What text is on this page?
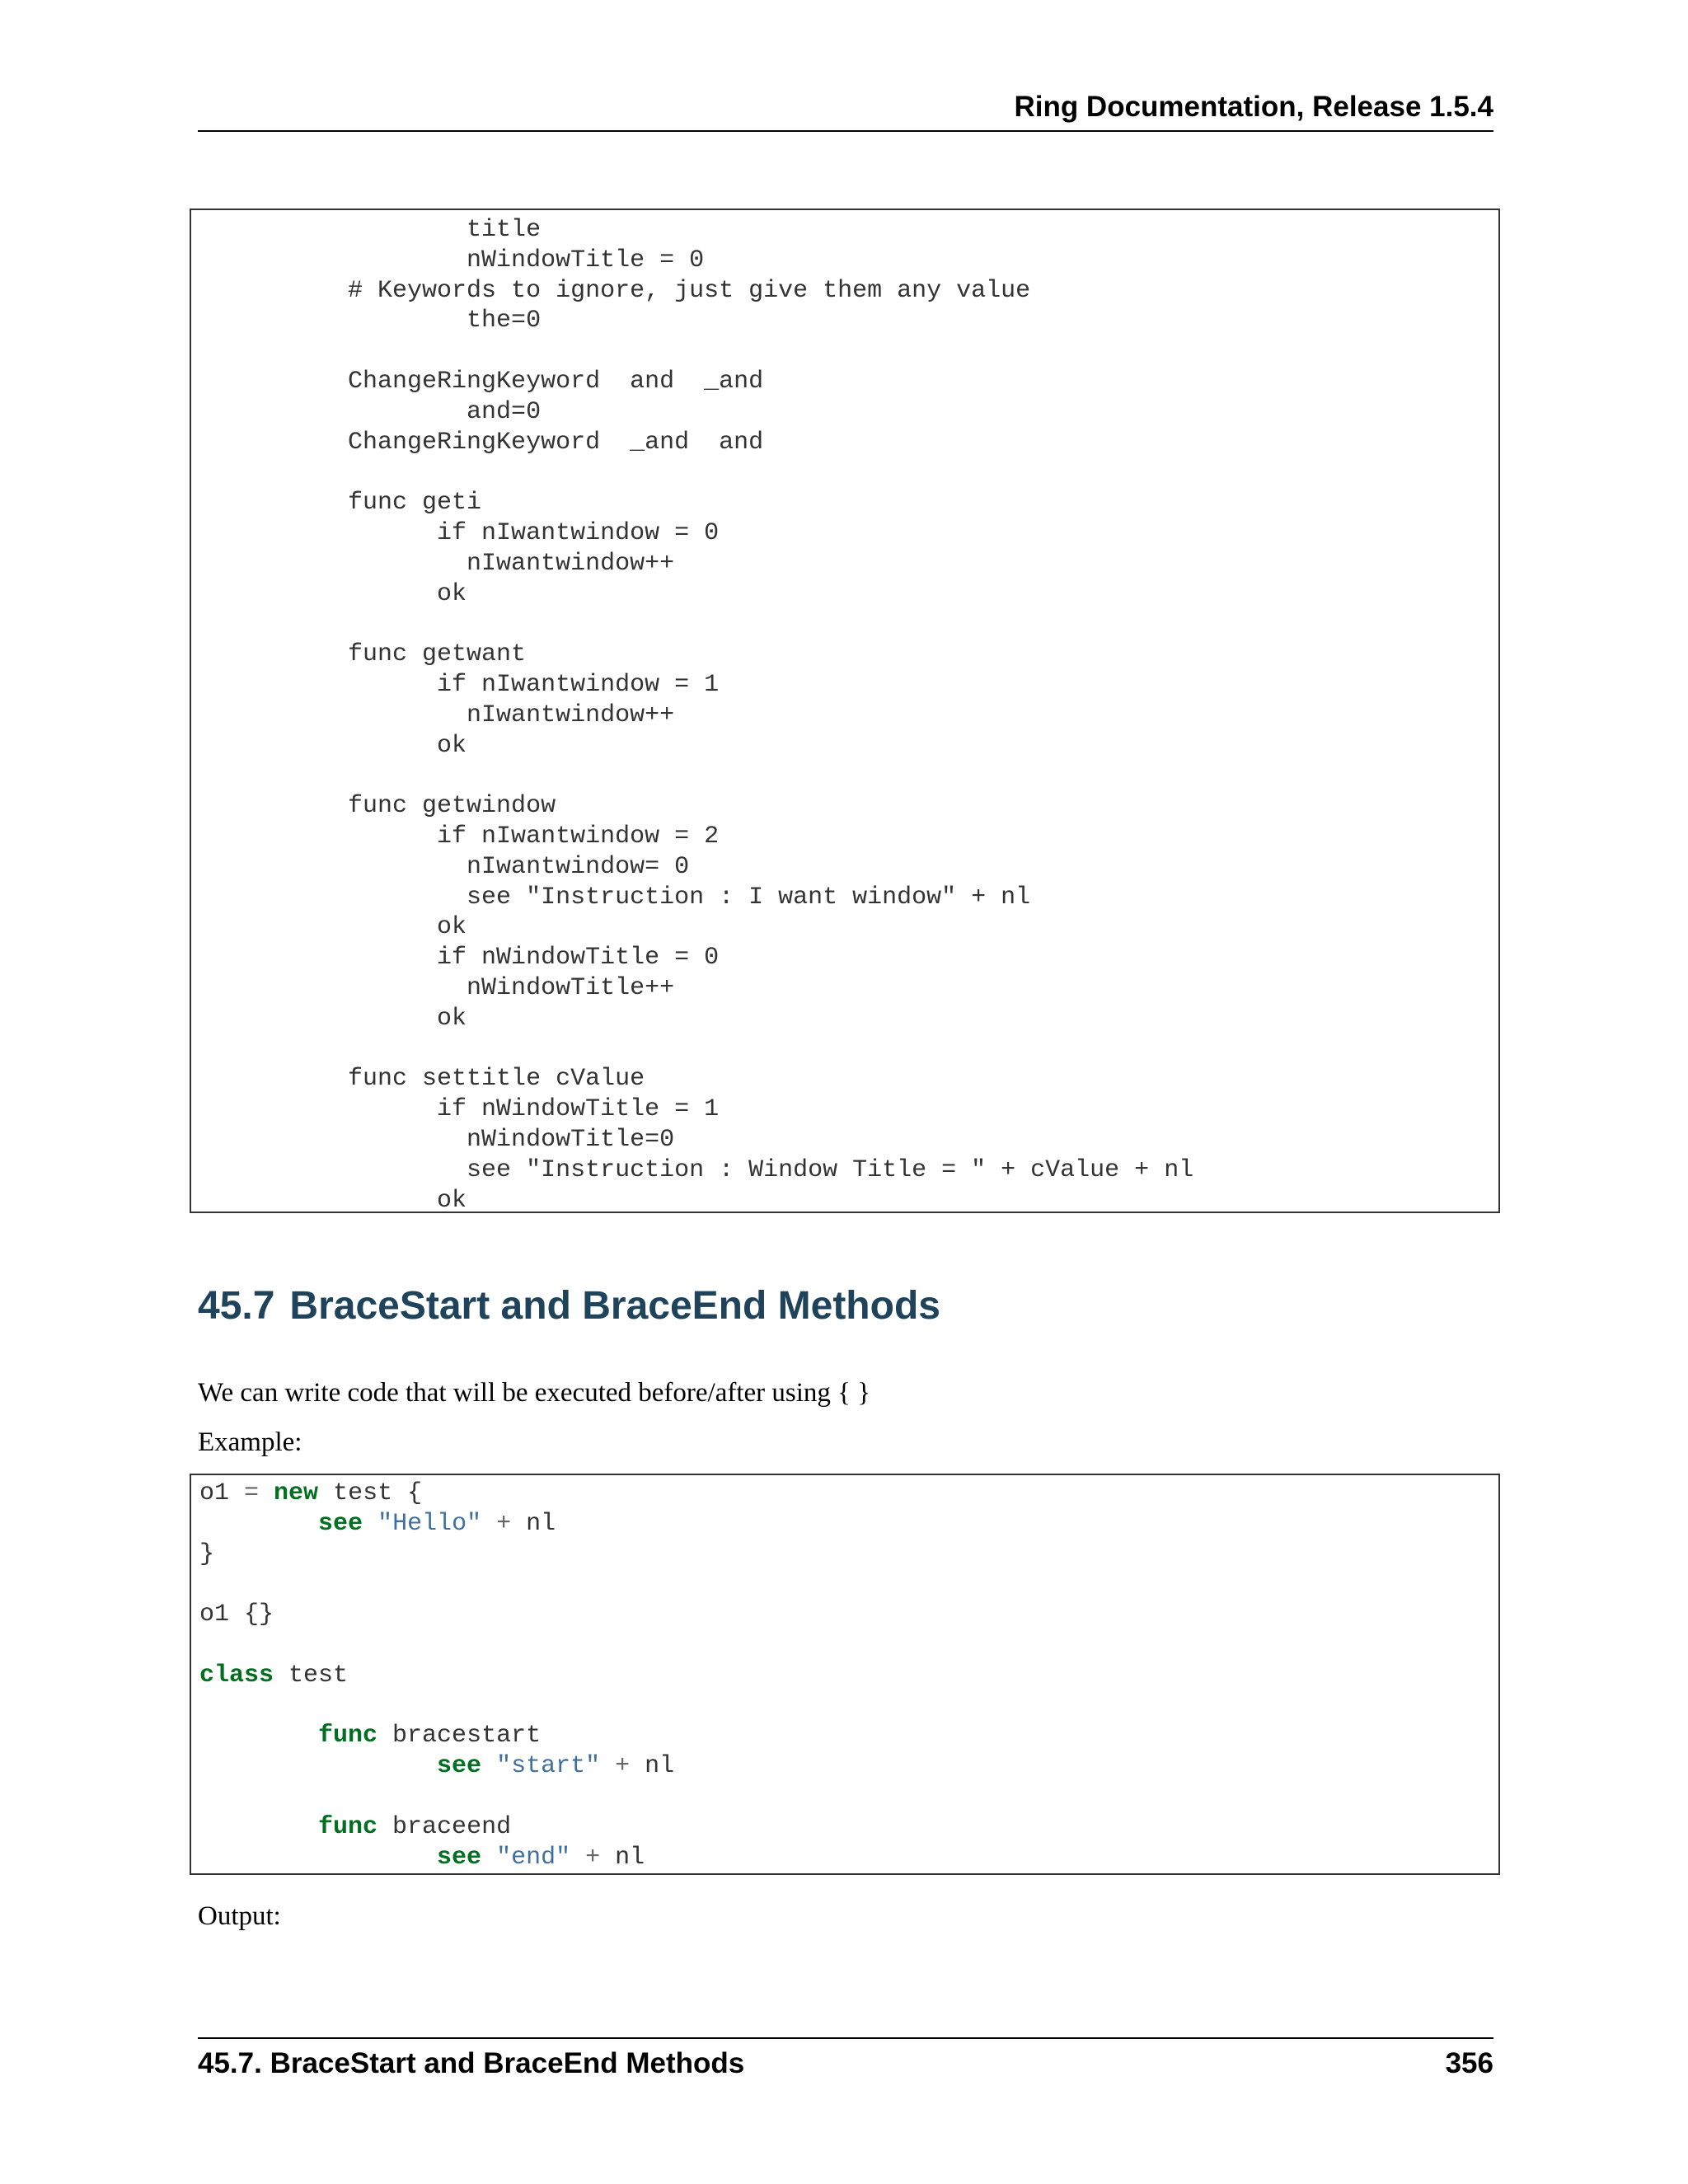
Ring Documentation, Release 1.5.4
title
nWindowTitle = 0
# Keywords to ignore, just give them any value
the=0

ChangeRingKeyword  and  _and
and=0
ChangeRingKeyword  _and  and

func geti
if nIwantwindow = 0
nIwantwindow++
ok

func getwant
if nIwantwindow = 1
nIwantwindow++
ok

func getwindow
if nIwantwindow = 2
nIwantwindow= 0
see "Instruction : I want window" + nl
ok
if nWindowTitle = 0
nWindowTitle++
ok

func settitle cValue
if nWindowTitle = 1
nWindowTitle=0
see "Instruction : Window Title = " + cValue + nl
ok
45.7 BraceStart and BraceEnd Methods

We can write code that will be executed before/after using { }

Example:

o1 = new test {
see "Hello" + nl
}

o1 {}

class test

func bracestart
see "start" + nl

func braceend
see "end" + nl

Output:

45.7. BraceStart and BraceEnd Methods	356
